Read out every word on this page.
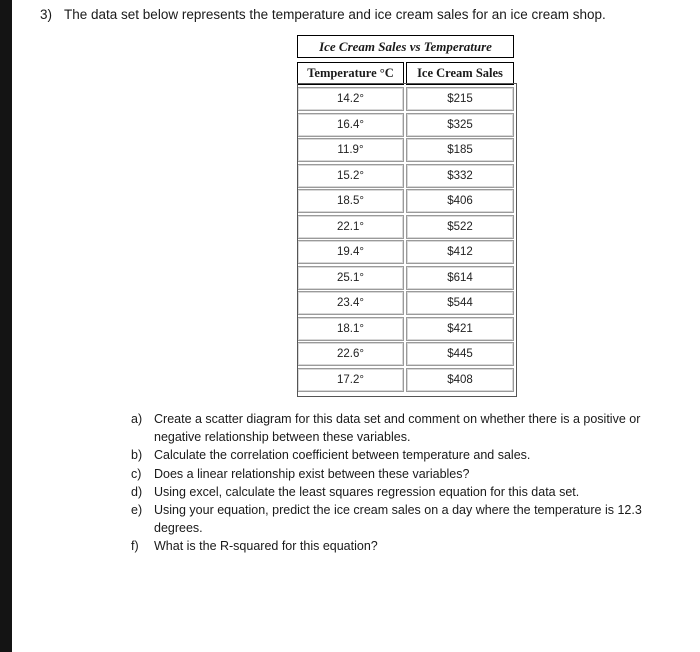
3) The data set below represents the temperature and ice cream sales for an ice cream shop.
Ice Cream Sales vs Temperature
Temperature °C	Ice Cream Sales
14.2°	$215
16.4°	$325
11.9°	$185
15.2°	$332
18.5°	$406
22.1°	$522
19.4°	$412
25.1°	$614
23.4°	$544
18.1°	$421
22.6°	$445
17.2°	$408
a) Create a scatter diagram for this data set and comment on whether there is a positive or negative relationship between these variables.
b) Calculate the correlation coefficient between temperature and sales.
c)	Does a linear relationship exist between these variables?
d) Using excel, calculate the least squares regression equation for this data set.
e) Using your equation, predict the ice cream sales on a day where the temperature is 12.3 degrees.
f)	What is the R-squared for this equation?
